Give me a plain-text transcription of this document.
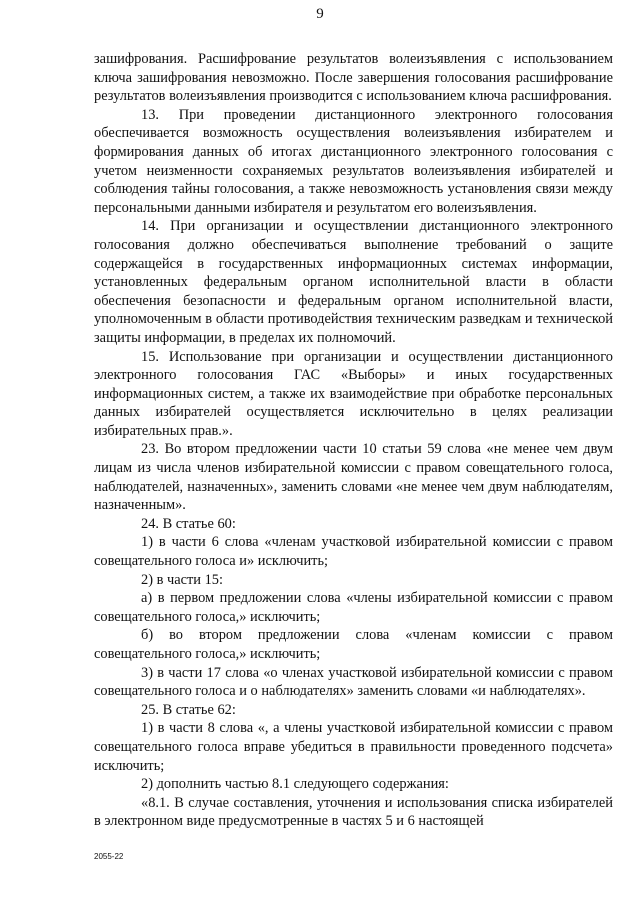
9

зашифрования. Расшифрование результатов волеизъявления с использованием ключа зашифрования невозможно. После завершения голосования расшифрование результатов волеизъявления производится с использованием ключа расшифрования.

13. При проведении дистанционного электронного голосования обеспечивается возможность осуществления волеизъявления избирателем и формирования данных об итогах дистанционного электронного голосования с учетом неизменности сохраняемых результатов волеизъявления избирателей и соблюдения тайны голосования, а также невозможность установления связи между персональными данными избирателя и результатом его волеизъявления.

14. При организации и осуществлении дистанционного электронного голосования должно обеспечиваться выполнение требований о защите содержащейся в государственных информационных системах информации, установленных федеральным органом исполнительной власти в области обеспечения безопасности и федеральным органом исполнительной власти, уполномоченным в области противодействия техническим разведкам и технической защиты информации, в пределах их полномочий.

15. Использование при организации и осуществлении дистанционного электронного голосования ГАС «Выборы» и иных государственных информационных систем, а также их взаимодействие при обработке персональных данных избирателей осуществляется исключительно в целях реализации избирательных прав.».

23. Во втором предложении части 10 статьи 59 слова «не менее чем двум лицам из числа членов избирательной комиссии с правом совещательного голоса, наблюдателей, назначенных», заменить словами «не менее чем двум наблюдателям, назначенным».

24. В статье 60:

1) в части 6 слова «членам участковой избирательной комиссии с правом совещательного голоса и» исключить;

2) в части 15:

а) в первом предложении слова «члены избирательной комиссии с правом совещательного голоса,» исключить;

б) во втором предложении слова «членам комиссии с правом совещательного голоса,» исключить;

3) в части 17 слова «о членах участковой избирательной комиссии с правом совещательного голоса и о наблюдателях» заменить словами «и наблюдателях».

25. В статье 62:

1) в части 8 слова «, а члены участковой избирательной комиссии с правом совещательного голоса вправе убедиться в правильности проведенного подсчета» исключить;

2) дополнить частью 8.1 следующего содержания:

«8.1. В случае составления, уточнения и использования списка избирателей в электронном виде предусмотренные в частях 5 и 6 настоящей

2055-22
